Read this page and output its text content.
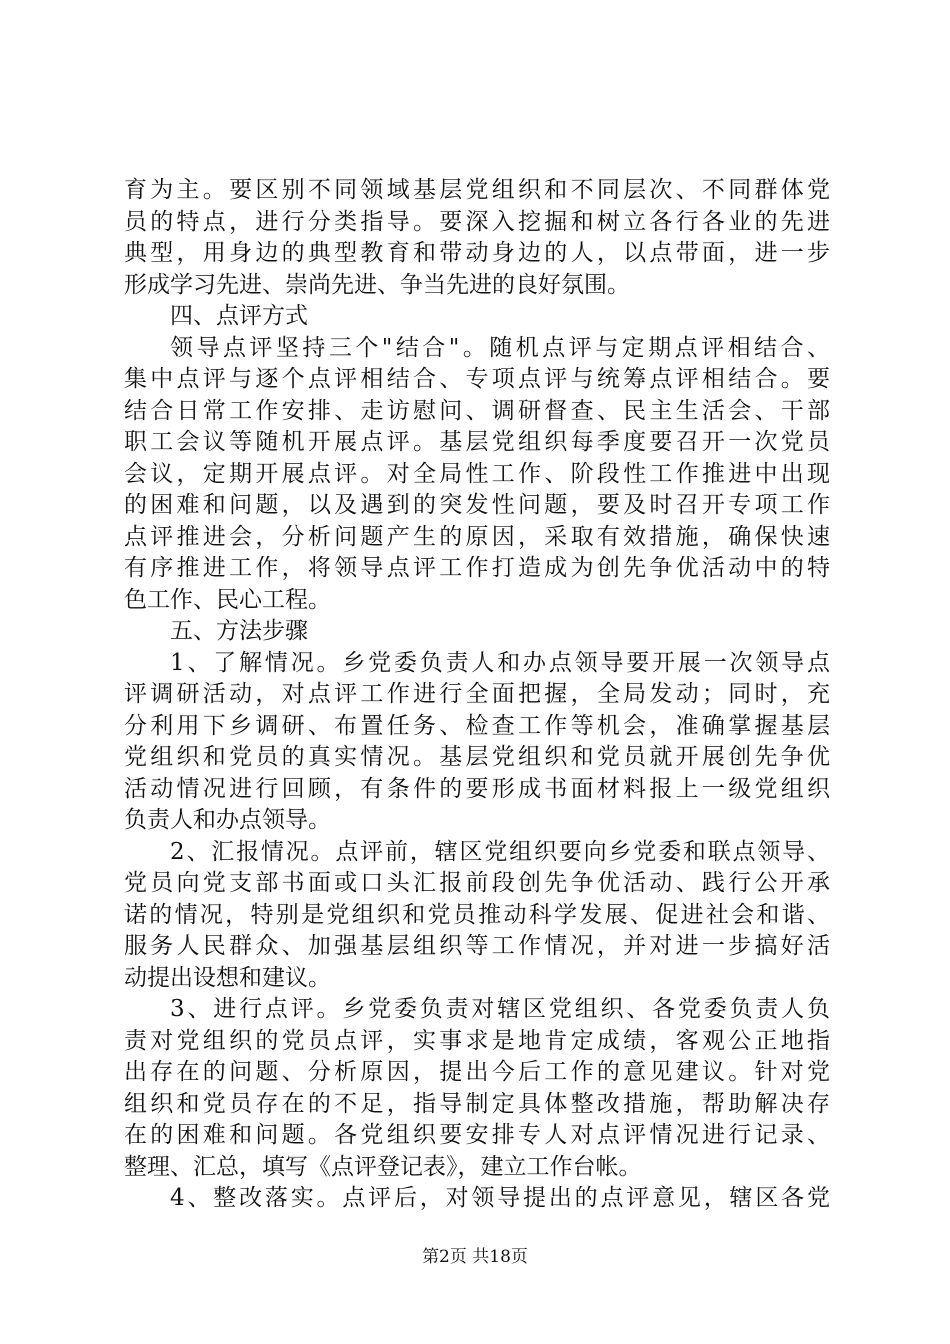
育为主。要区别不同领域基层党组织和不同层次、不同群体党
员的特点，进行分类指导。要深入挖掘和树立各行各业的先进
典型，用身边的典型教育和带动身边的人，以点带面，进一步
形成学习先进、崇尚先进、争当先进的良好氛围。
四、点评方式
领导点评坚持三个"结合"。随机点评与定期点评相结合、
集中点评与逐个点评相结合、专项点评与统筹点评相结合。要
结合日常工作安排、走访慰问、调研督查、民主生活会、干部
职工会议等随机开展点评。基层党组织每季度要召开一次党员
会议，定期开展点评。对全局性工作、阶段性工作推进中出现
的困难和问题，以及遇到的突发性问题，要及时召开专项工作
点评推进会，分析问题产生的原因，采取有效措施，确保快速
有序推进工作，将领导点评工作打造成为创先争优活动中的特
色工作、民心工程。
五、方法步骤
1、了解情况。乡党委负责人和办点领导要开展一次领导点
评调研活动，对点评工作进行全面把握，全局发动；同时，充
分利用下乡调研、布置任务、检查工作等机会，准确掌握基层
党组织和党员的真实情况。基层党组织和党员就开展创先争优
活动情况进行回顾，有条件的要形成书面材料报上一级党组织
负责人和办点领导。
2、汇报情况。点评前，辖区党组织要向乡党委和联点领导、
党员向党支部书面或口头汇报前段创先争优活动、践行公开承
诺的情况，特别是党组织和党员推动科学发展、促进社会和谐、
服务人民群众、加强基层组织等工作情况，并对进一步搞好活
动提出设想和建议。
3、进行点评。乡党委负责对辖区党组织、各党委负责人负
责对党组织的党员点评，实事求是地肯定成绩，客观公正地指
出存在的问题、分析原因，提出今后工作的意见建议。针对党
组织和党员存在的不足，指导制定具体整改措施，帮助解决存
在的困难和问题。各党组织要安排专人对点评情况进行记录、
整理、汇总，填写《点评登记表》，建立工作台帐。
4、整改落实。点评后，对领导提出的点评意见，辖区各党
第2页 共18页
